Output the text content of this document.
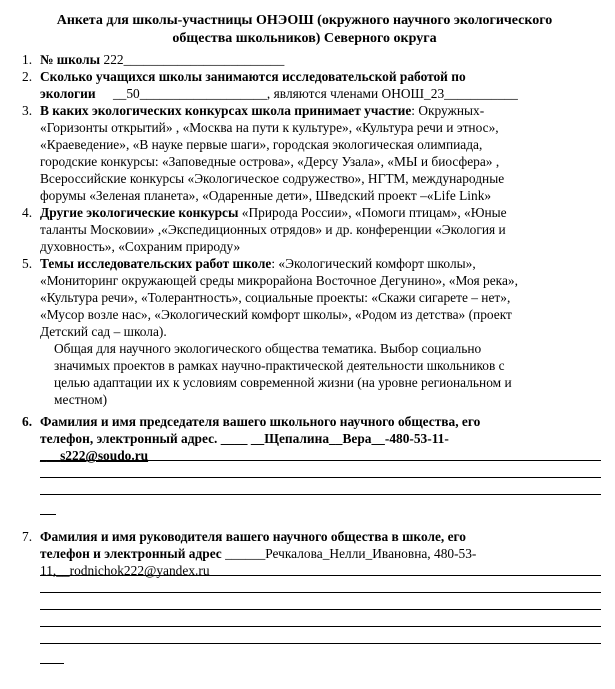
Анкета для школы-участницы ОНЭОШ (окружного научного экологического
общества школьников) Северного округа
1. № школы 222________________________
2. Сколько учащихся школы занимаются исследовательской работой по
экологии __50___________________, являются членами ОНОШ_23___________
3. В каких экологических конкурсах школа принимает участие: Окружных-
«Горизонты открытий» , «Москва на пути к культуре», «Культура речи и этнос»,
«Краеведение», «В науке первые шаги», городская экологическая олимпиада,
городские конкурсы: «Заповедные острова», «Дерсу Узала», «МЫ и биосфера» ,
Всероссийские конкурсы «Экологическое содружество», НГТМ, международные
форумы «Зеленая планета», «Одаренные дети», Шведский проект –«Life Link»
4. Другие экологические конкурсы «Природа России», «Помоги птицам», «Юные
таланты Московии» ,«Экспедиционных отрядов» и др. конференции «Экология и
духовность», «Сохраним природу»
5. Темы исследовательских работ школе: «Экологический комфорт школы»,
«Мониторинг окружающей среды микрорайона Восточное Дегунино», «Моя река»,
«Культура речи», «Толерантность», социальные проекты: «Скажи сигарете – нет»,
«Мусор возле нас», «Экологический комфорт школы», «Родом из детства» (проект
Детский сад – школа).
Общая для научного экологического общества тематика. Выбор социально
значимых проектов в рамках научно-практической деятельности школьников с
целью адаптации их к условиям современной жизни (на уровне региональном и
местном)
6. Фамилия и имя председателя вашего школьного научного общества, его
телефон, электронный адрес. ____ __Щепалина__Вера__-480-53-11-
___s222@soudo.ru
7. Фамилия и имя руководителя вашего научного общества в школе, его
телефон и электронный адрес ______Речкалова_Нелли_Ивановна, 480-53-
11,__rodnichok222@yandex.ru
